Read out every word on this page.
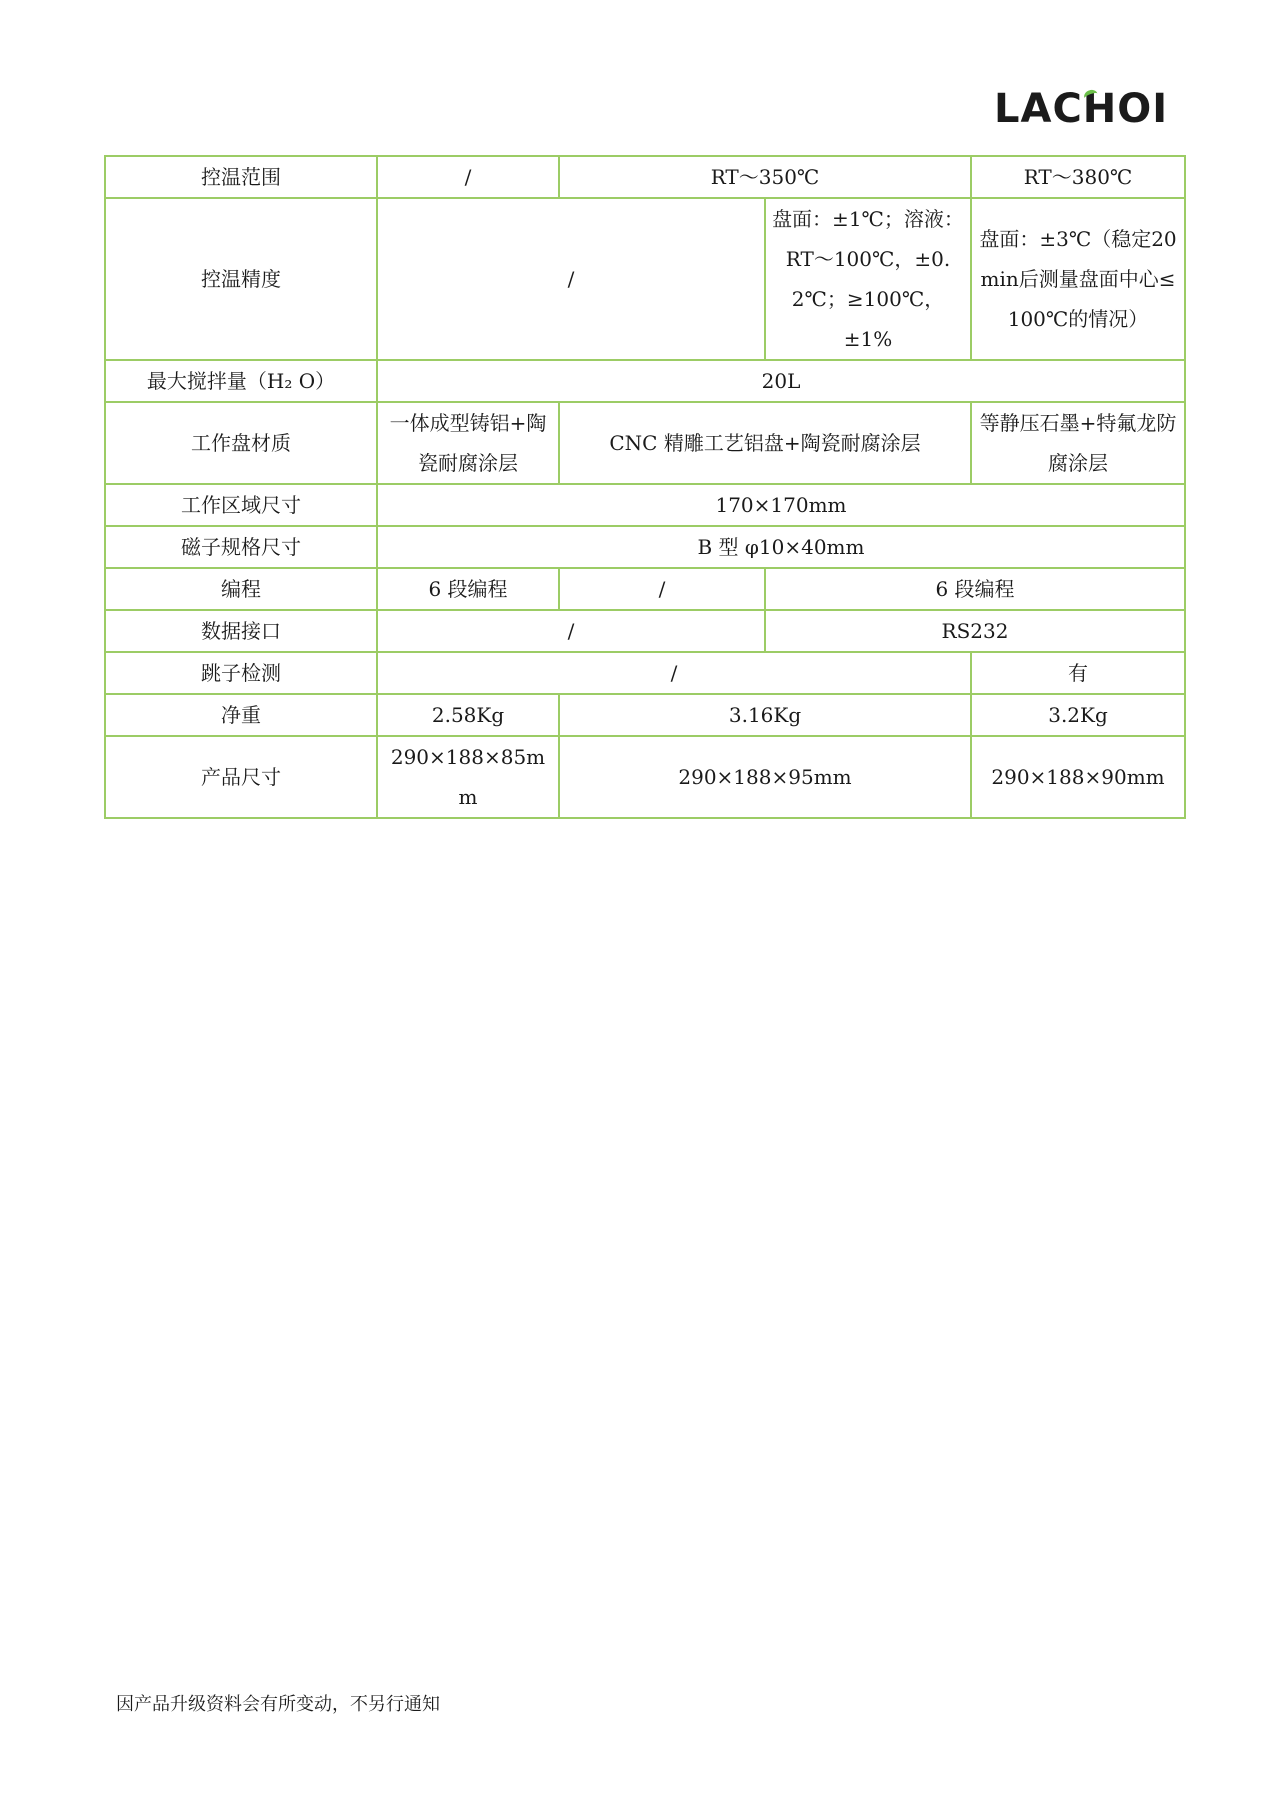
LACHOI
控温范围	/	RT～350℃		RT～380℃
控温精度	/		盘面：±1℃；溶液：RT～100℃，±0.2℃；≥100℃，±1%	盘面：±3℃（稳定20min后测量盘面中心≤100℃的情况）
最大搅拌量（H₂ O）	20L			
工作盘材质	一体成型铸铝+陶瓷耐腐涂层	CNC 精雕工艺铝盘+陶瓷耐腐涂层		等静压石墨+特氟龙防腐涂层
工作区域尺寸	170×170mm			
磁子规格尺寸	B 型 φ10×40mm			
编程	6 段编程	/	6 段编程	
数据接口	/		RS232	
跳子检测	/			有
净重	2.58Kg	3.16Kg		3.2Kg
产品尺寸	290×188×85mm	290×188×95mm		290×188×90mm
因产品升级资料会有所变动，不另行通知
